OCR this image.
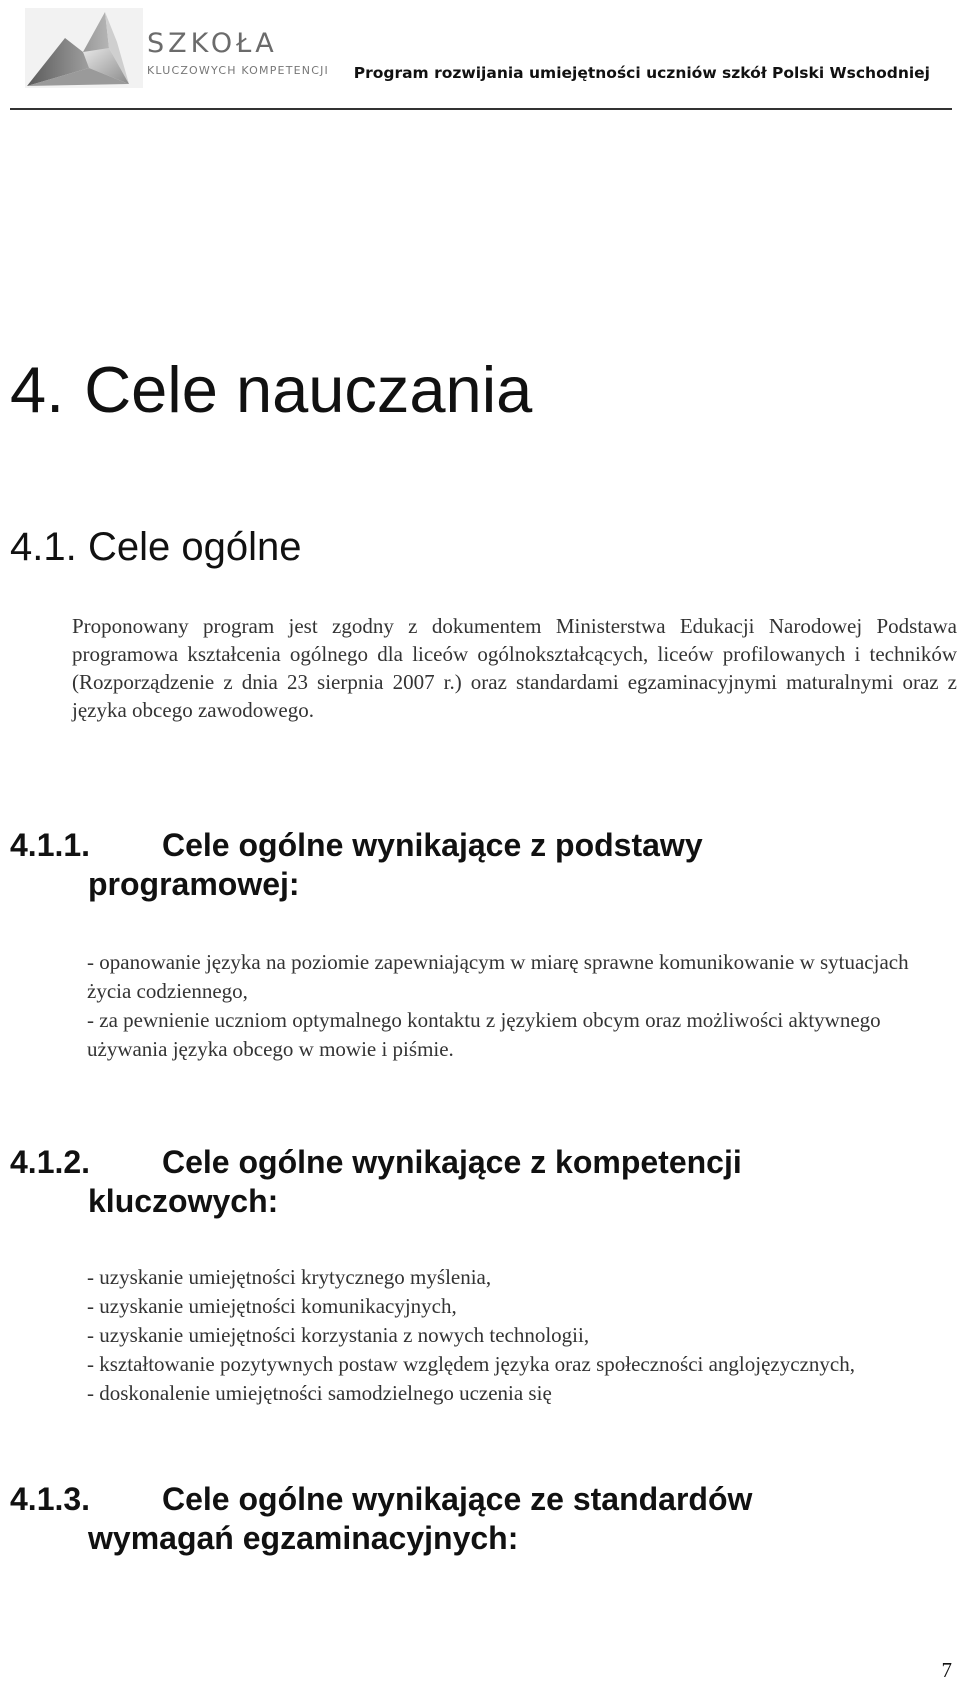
SZKOŁA
KLUCZOWYCH KOMPETENCJI Program rozwijania umiejętności uczniów szkół Polski Wschodniej
4. Cele nauczania
4.1. Cele ogólne

Proponowany program jest zgodny z dokumentem Ministerstwa Edukacji Narodowej Podstawa programowa kształcenia ogólnego dla liceów ogólnokształcących, liceów profilowanych i techników (Rozporządzenie z dnia 23 sierpnia 2007 r.) oraz standardami egzaminacyjnymi maturalnymi oraz z języka obcego zawodowego.

4.1.1. Cele ogólne wynikające z podstawy
programowej:
- opanowanie języka na poziomie zapewniającym w miarę sprawne komunikowanie w sytuacjach życia codziennego,
- za pewnienie uczniom optymalnego kontaktu z językiem obcym oraz możliwości aktywnego używania języka obcego w mowie i piśmie.
4.1.2. Cele ogólne wynikające z kompetencji
kluczowych:
- uzyskanie umiejętności krytycznego myślenia,
- uzyskanie umiejętności komunikacyjnych,
- uzyskanie umiejętności korzystania z nowych technologii,
- kształtowanie pozytywnych postaw względem języka oraz społeczności anglojęzycznych,
- doskonalenie umiejętności samodzielnego uczenia się
4.1.3. Cele ogólne wynikające ze standardów
wymagań egzaminacyjnych:
7
